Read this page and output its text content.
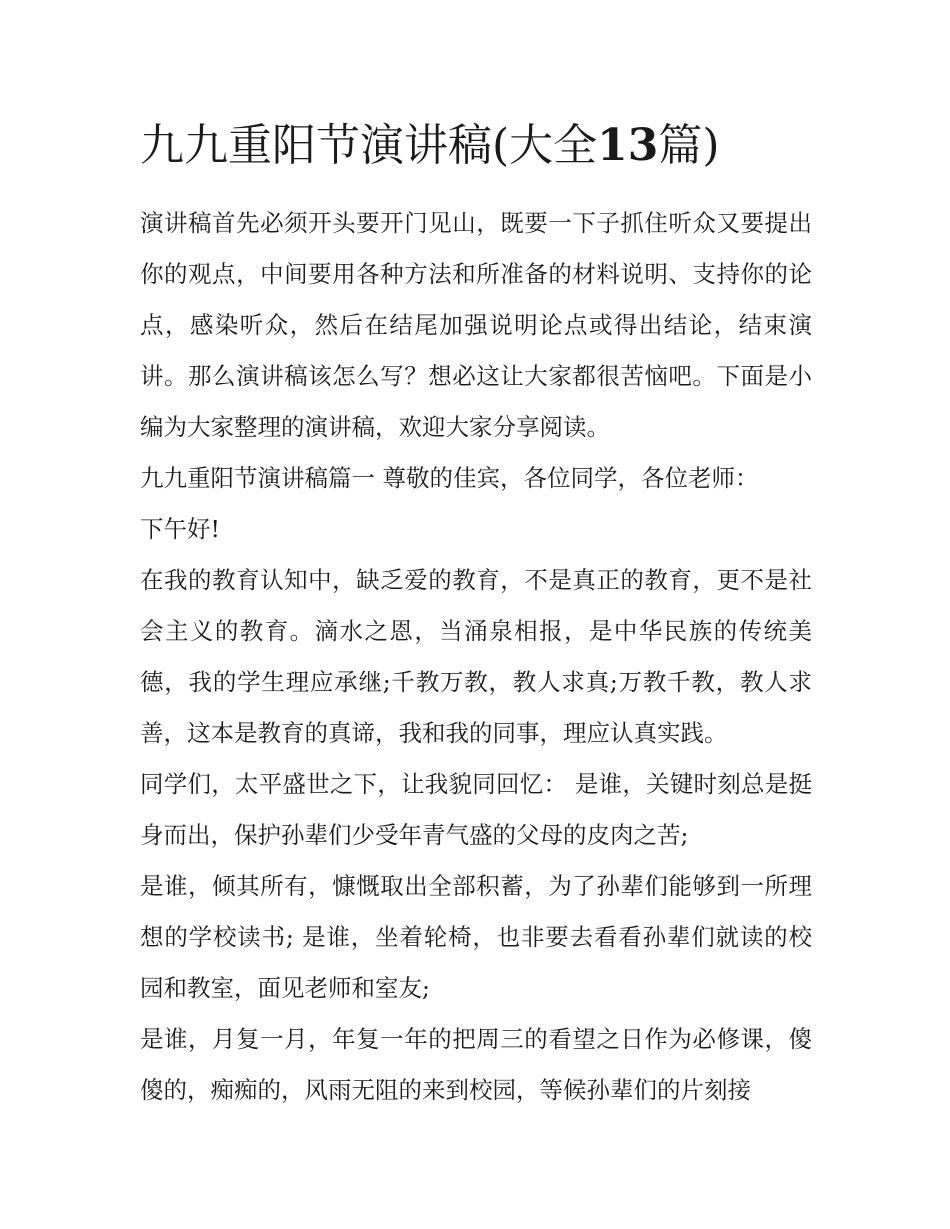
九九重阳节演讲稿(大全13篇)

演讲稿首先必须开头要开门见山，既要一下子抓住听众又要提出你的观点，中间要用各种方法和所准备的材料说明、支持你的论点，感染听众，然后在结尾加强说明论点或得出结论，结束演讲。那么演讲稿该怎么写？想必这让大家都很苦恼吧。下面是小编为大家整理的演讲稿，欢迎大家分享阅读。

九九重阳节演讲稿篇一 尊敬的佳宾，各位同学，各位老师：

下午好!

在我的教育认知中，缺乏爱的教育，不是真正的教育，更不是社会主义的教育。滴水之恩，当涌泉相报，是中华民族的传统美德，我的学生理应承继;千教万教，教人求真;万教千教，教人求善，这本是教育的真谛，我和我的同事，理应认真实践。

同学们，太平盛世之下，让我貌同回忆： 是谁，关键时刻总是挺身而出，保护孙辈们少受年青气盛的父母的皮肉之苦;

是谁，倾其所有，慷慨取出全部积蓄，为了孙辈们能够到一所理想的学校读书; 是谁，坐着轮椅，也非要去看看孙辈们就读的校园和教室，面见老师和室友;

是谁，月复一月，年复一年的把周三的看望之日作为必修课，傻傻的，痴痴的，风雨无阻的来到校园，等候孙辈们的片刻接
